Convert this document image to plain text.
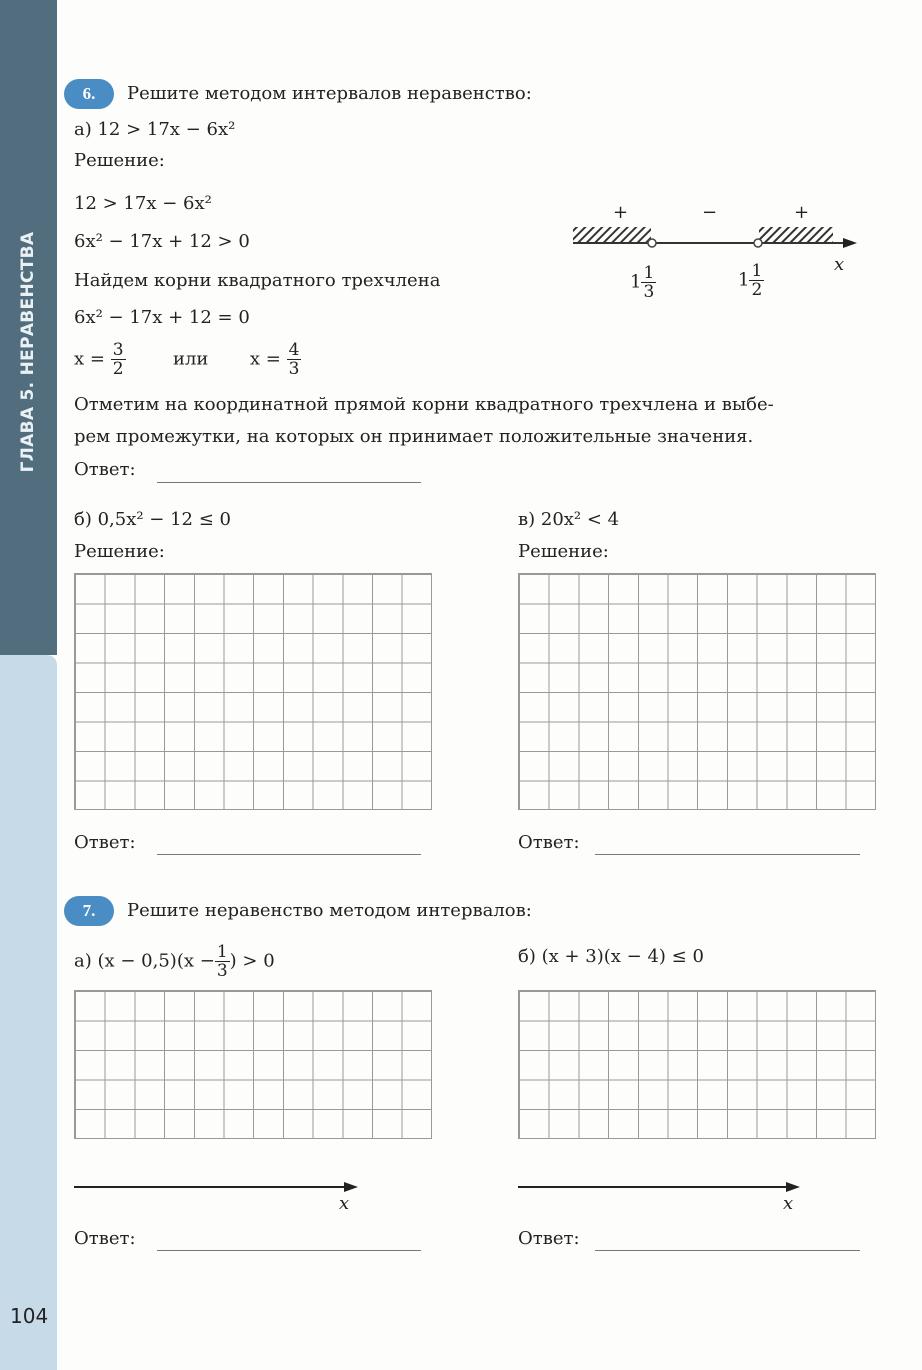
ГЛАВА 5. НЕРАВЕНСТВА
104
6.	Решите методом интервалов неравенство:
а) 12 > 17x − 6x²
Решение:
12 > 17x − 6x²
6x² − 17x + 12 > 0
Найдем корни квадратного трехчлена
6x² − 17x + 12 = 0
$x = \frac{3}{2}$	или $x = \frac{4}{3}$
Отметим на координатной прямой корни квадратного трехчлена и выбе-
рем промежутки, на которых он принимает положительные значения.
Ответ:
+	−	+
x
$1 \frac{1}{3}$	$1 \frac{1}{2}$
б) 0,5x² − 12 ≤ 0
Решение:
Ответ:
в) 20x² < 4
Решение:
Ответ:
7.	Решите неравенство методом интервалов:
а) $(x - 0,5)(x - \frac{1}{3}$ ) > 0	б) (x + 3)(x − 4) ≤ 0
x	x
Ответ:	Ответ:
